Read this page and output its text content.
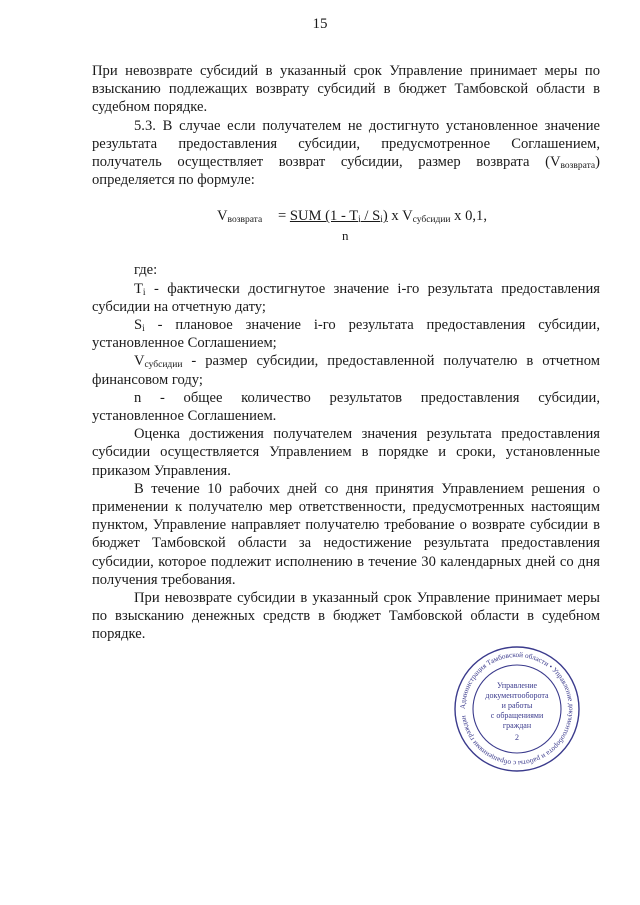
15

При невозврате субсидий в указанный срок Управление принимает меры по взысканию подлежащих возврату субсидий в бюджет Тамбовской области в судебном порядке.

5.3. В случае если получателем не достигнуто установленное значение результата предоставления субсидии, предусмотренное Соглашением, получатель осуществляет возврат субсидии, размер возврата $(V_{возврата})$ определяется по формуле:

$V_{возврата}$ = SUM $(1 - T_i / S_i)$ x $V_{субсидии}$ x 0,1,
n

где:

$T_i$ - фактически достигнутое значение i-го результата предоставления субсидии на отчетную дату;

$S_i$ - плановое значение i-го результата предоставления субсидии, установленное Соглашением;

$V_{субсидии}$ - размер субсидии, предоставленной получателю в отчетном финансовом году;

n - общее количество результатов предоставления субсидии, установленное Соглашением.

Оценка достижения получателем значения результата предоставления субсидии осуществляется Управлением в порядке и сроки, установленные приказом Управления.

В течение 10 рабочих дней со дня принятия Управлением решения о применении к получателю мер ответственности, предусмотренных настоящим пунктом, Управление направляет получателю требование о возврате субсидии в бюджет Тамбовской области за недостижение результата предоставления субсидии, которое подлежит исполнению в течение 30 календарных дней со дня получения требования.

При невозврате субсидии в указанный срок Управление принимает меры по взысканию денежных средств в бюджет Тамбовской области в судебном порядке.

Администрация Тамбовской области • Управление документооборота и работы с обращениями граждан
Управление
документооборота
и работы
с обращениями
граждан
2
